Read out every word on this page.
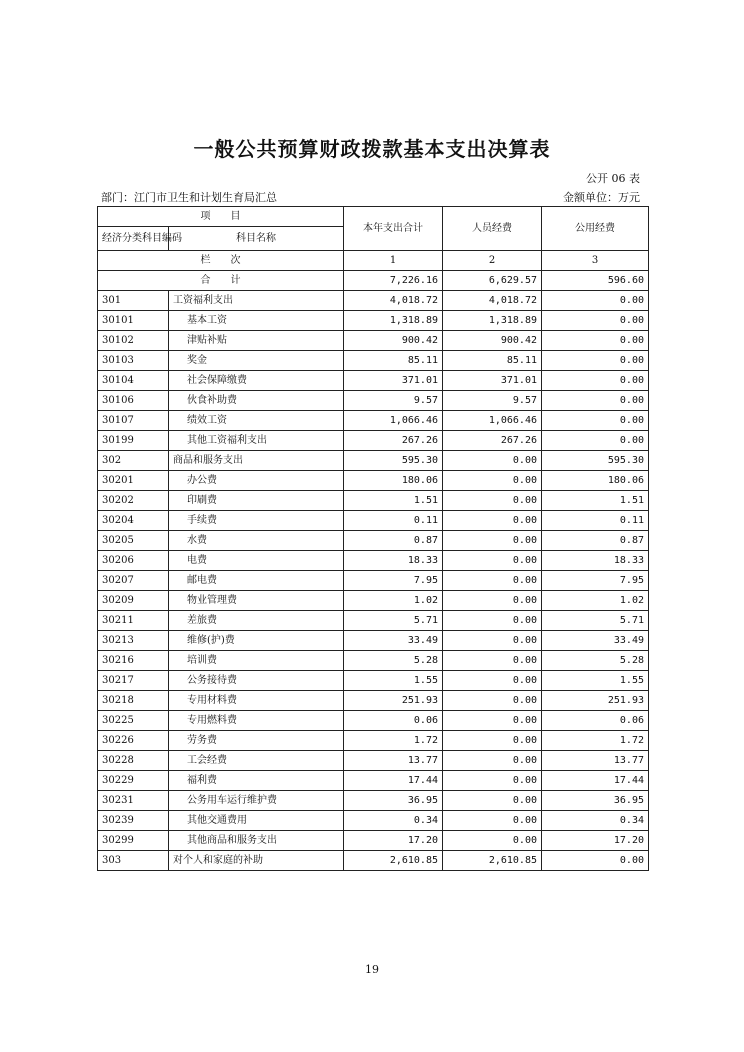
一般公共预算财政拨款基本支出决算表
公开 06 表
部门：江门市卫生和计划生育局汇总	金额单位：万元
项　　目		本年支出合计	人员经费	公用经费
经济分类科目编码	科目名称			

栏　　次		1	2	3
合　　计		7,226.16	6,629.57	596.60
301	工资福利支出	4,018.72	4,018.72	0.00
30101	基本工资	1,318.89	1,318.89	0.00
30102	津贴补贴	900.42	900.42	0.00
30103	奖金	85.11	85.11	0.00
30104	社会保障缴费	371.01	371.01	0.00
30106	伙食补助费	9.57	9.57	0.00
30107	绩效工资	1,066.46	1,066.46	0.00
30199	其他工资福利支出	267.26	267.26	0.00
302	商品和服务支出	595.30	0.00	595.30
30201	办公费	180.06	0.00	180.06
30202	印刷费	1.51	0.00	1.51
30204	手续费	0.11	0.00	0.11
30205	水费	0.87	0.00	0.87
30206	电费	18.33	0.00	18.33
30207	邮电费	7.95	0.00	7.95
30209	物业管理费	1.02	0.00	1.02
30211	差旅费	5.71	0.00	5.71
30213	维修(护)费	33.49	0.00	33.49
30216	培训费	5.28	0.00	5.28
30217	公务接待费	1.55	0.00	1.55
30218	专用材料费	251.93	0.00	251.93
30225	专用燃料费	0.06	0.00	0.06
30226	劳务费	1.72	0.00	1.72
30228	工会经费	13.77	0.00	13.77
30229	福利费	17.44	0.00	17.44
30231	公务用车运行维护费	36.95	0.00	36.95
30239	其他交通费用	0.34	0.00	0.34
30299	其他商品和服务支出	17.20	0.00	17.20
303	对个人和家庭的补助	2,610.85	2,610.85	0.00
19
